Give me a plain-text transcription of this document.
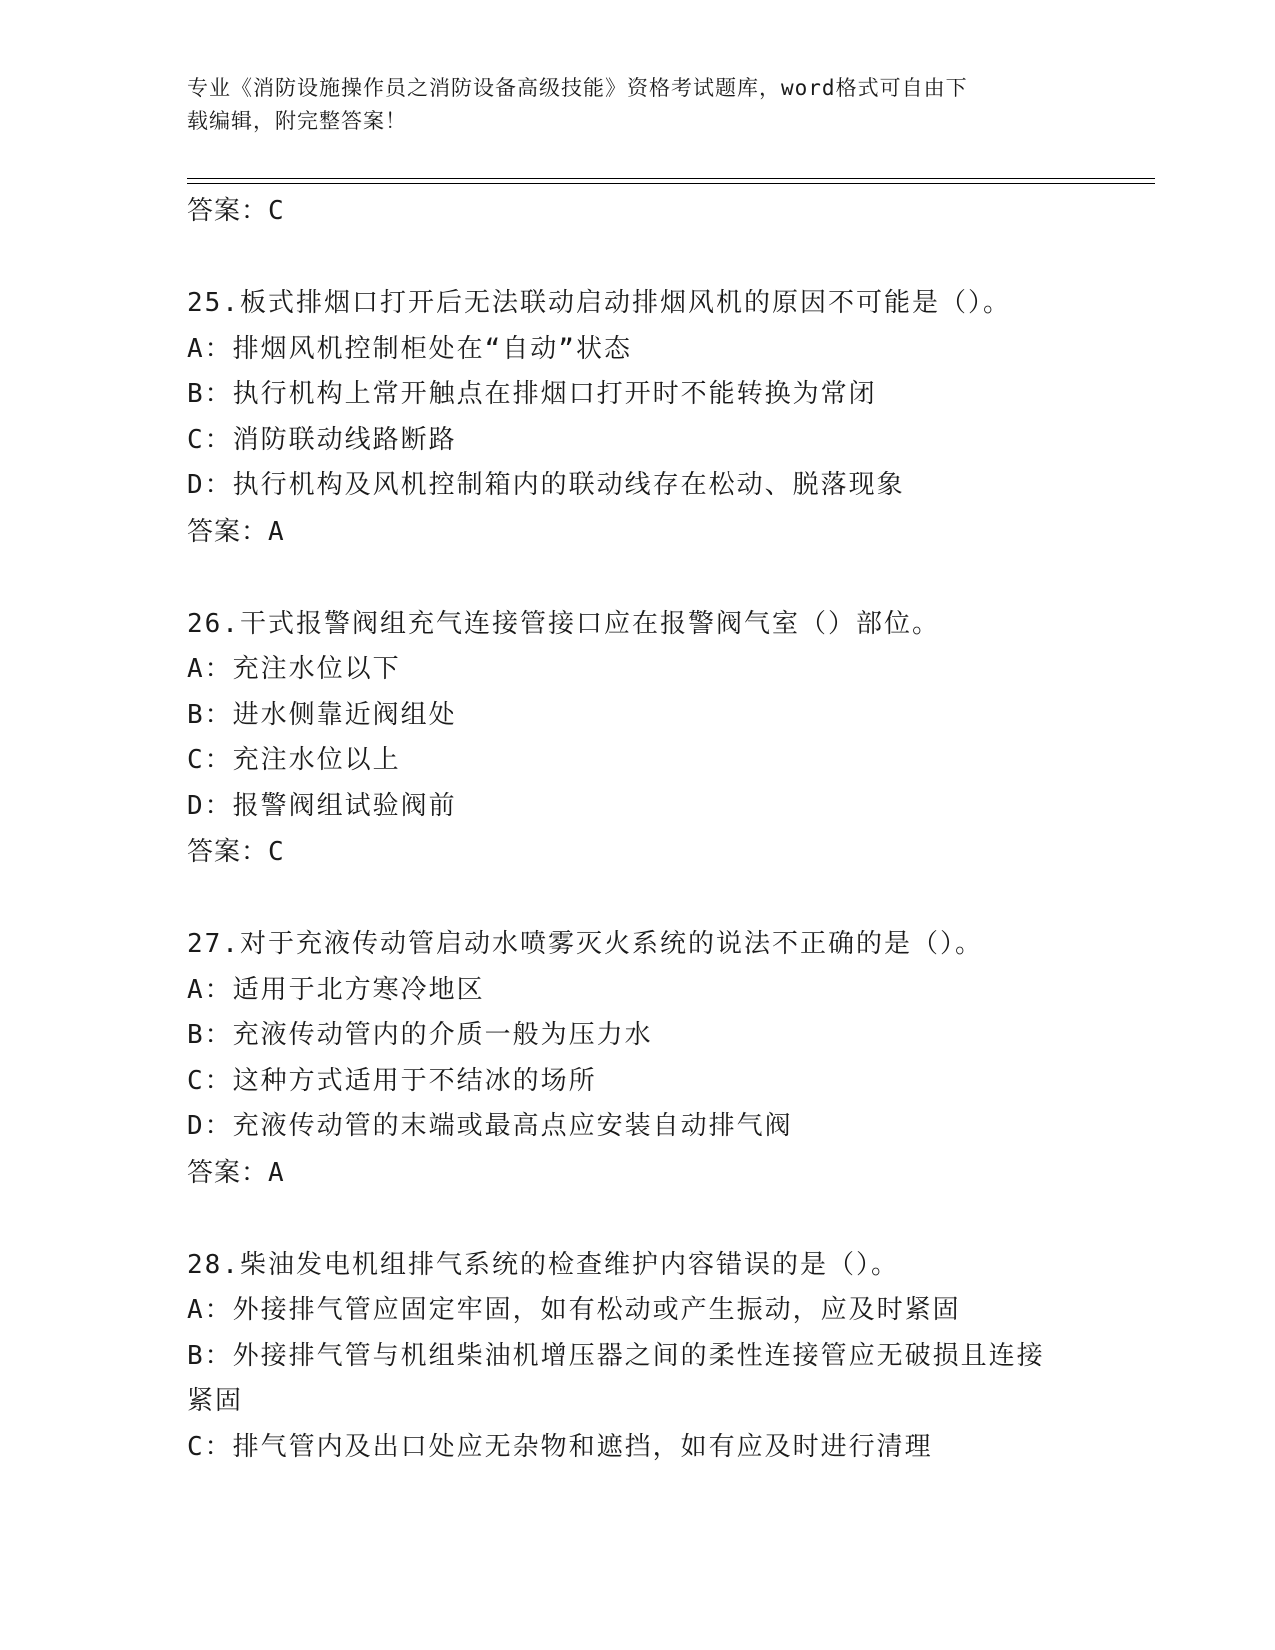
专业《消防设施操作员之消防设备高级技能》资格考试题库，word格式可自由下
载编辑，附完整答案！
答案：C
25.板式排烟口打开后无法联动启动排烟风机的原因不可能是（）。
A：排烟风机控制柜处在“自动”状态
B：执行机构上常开触点在排烟口打开时不能转换为常闭
C：消防联动线路断路
D：执行机构及风机控制箱内的联动线存在松动、脱落现象
答案：A
26.干式报警阀组充气连接管接口应在报警阀气室（）部位。
A：充注水位以下
B：进水侧靠近阀组处
C：充注水位以上
D：报警阀组试验阀前
答案：C
27.对于充液传动管启动水喷雾灭火系统的说法不正确的是（）。
A：适用于北方寒冷地区
B：充液传动管内的介质一般为压力水
C：这种方式适用于不结冰的场所
D：充液传动管的末端或最高点应安装自动排气阀
答案：A
28.柴油发电机组排气系统的检查维护内容错误的是（）。
A：外接排气管应固定牢固，如有松动或产生振动，应及时紧固
B：外接排气管与机组柴油机增压器之间的柔性连接管应无破损且连接紧固
C：排气管内及出口处应无杂物和遮挡，如有应及时进行清理
